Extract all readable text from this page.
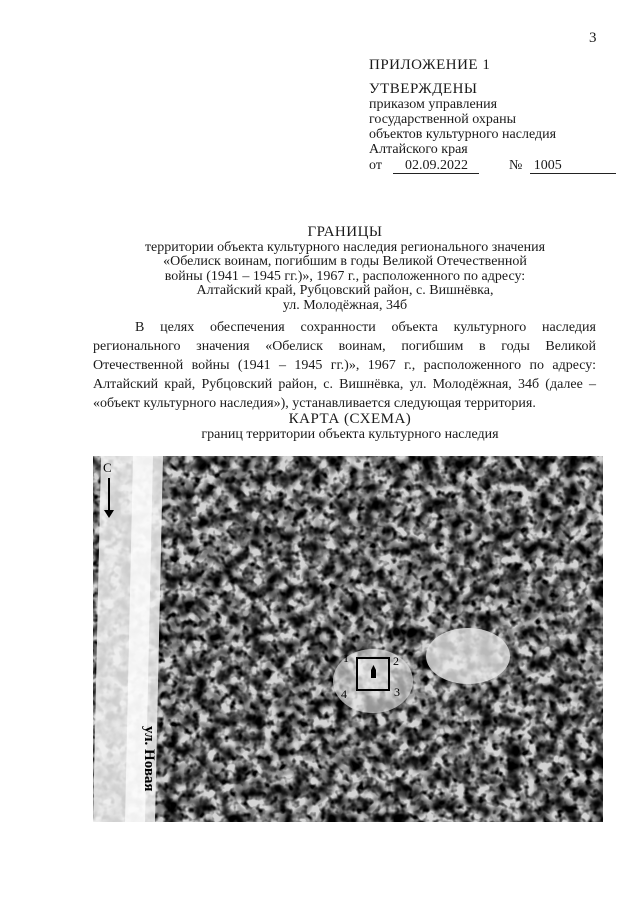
3
ПРИЛОЖЕНИЕ 1
УТВЕРЖДЕНЫ
приказом управления
государственной охраны
объектов культурного наследия
Алтайского края
от 02.09.2022	№ 1005
ГРАНИЦЫ
территории объекта культурного наследия регионального значения
«Обелиск воинам, погибшим в годы Великой Отечественной
войны (1941 – 1945 гг.)», 1967 г., расположенного по адресу:
Алтайский край, Рубцовский район, с. Вишнёвка,
ул. Молодёжная, 34б
В целях обеспечения сохранности объекта культурного наследия регионального значения «Обелиск воинам, погибшим в годы Великой Отечественной войны (1941 – 1945 гг.)», 1967 г., расположенного по адресу: Алтайский край, Рубцовский район, с. Вишнёвка, ул. Молодёжная, 34б (далее – «объект культурного наследия»), устанавливается следующая территория.
КАРТА (СХЕМА)
границ территории объекта культурного наследия
С
ул. Новая
1	2
3
4
